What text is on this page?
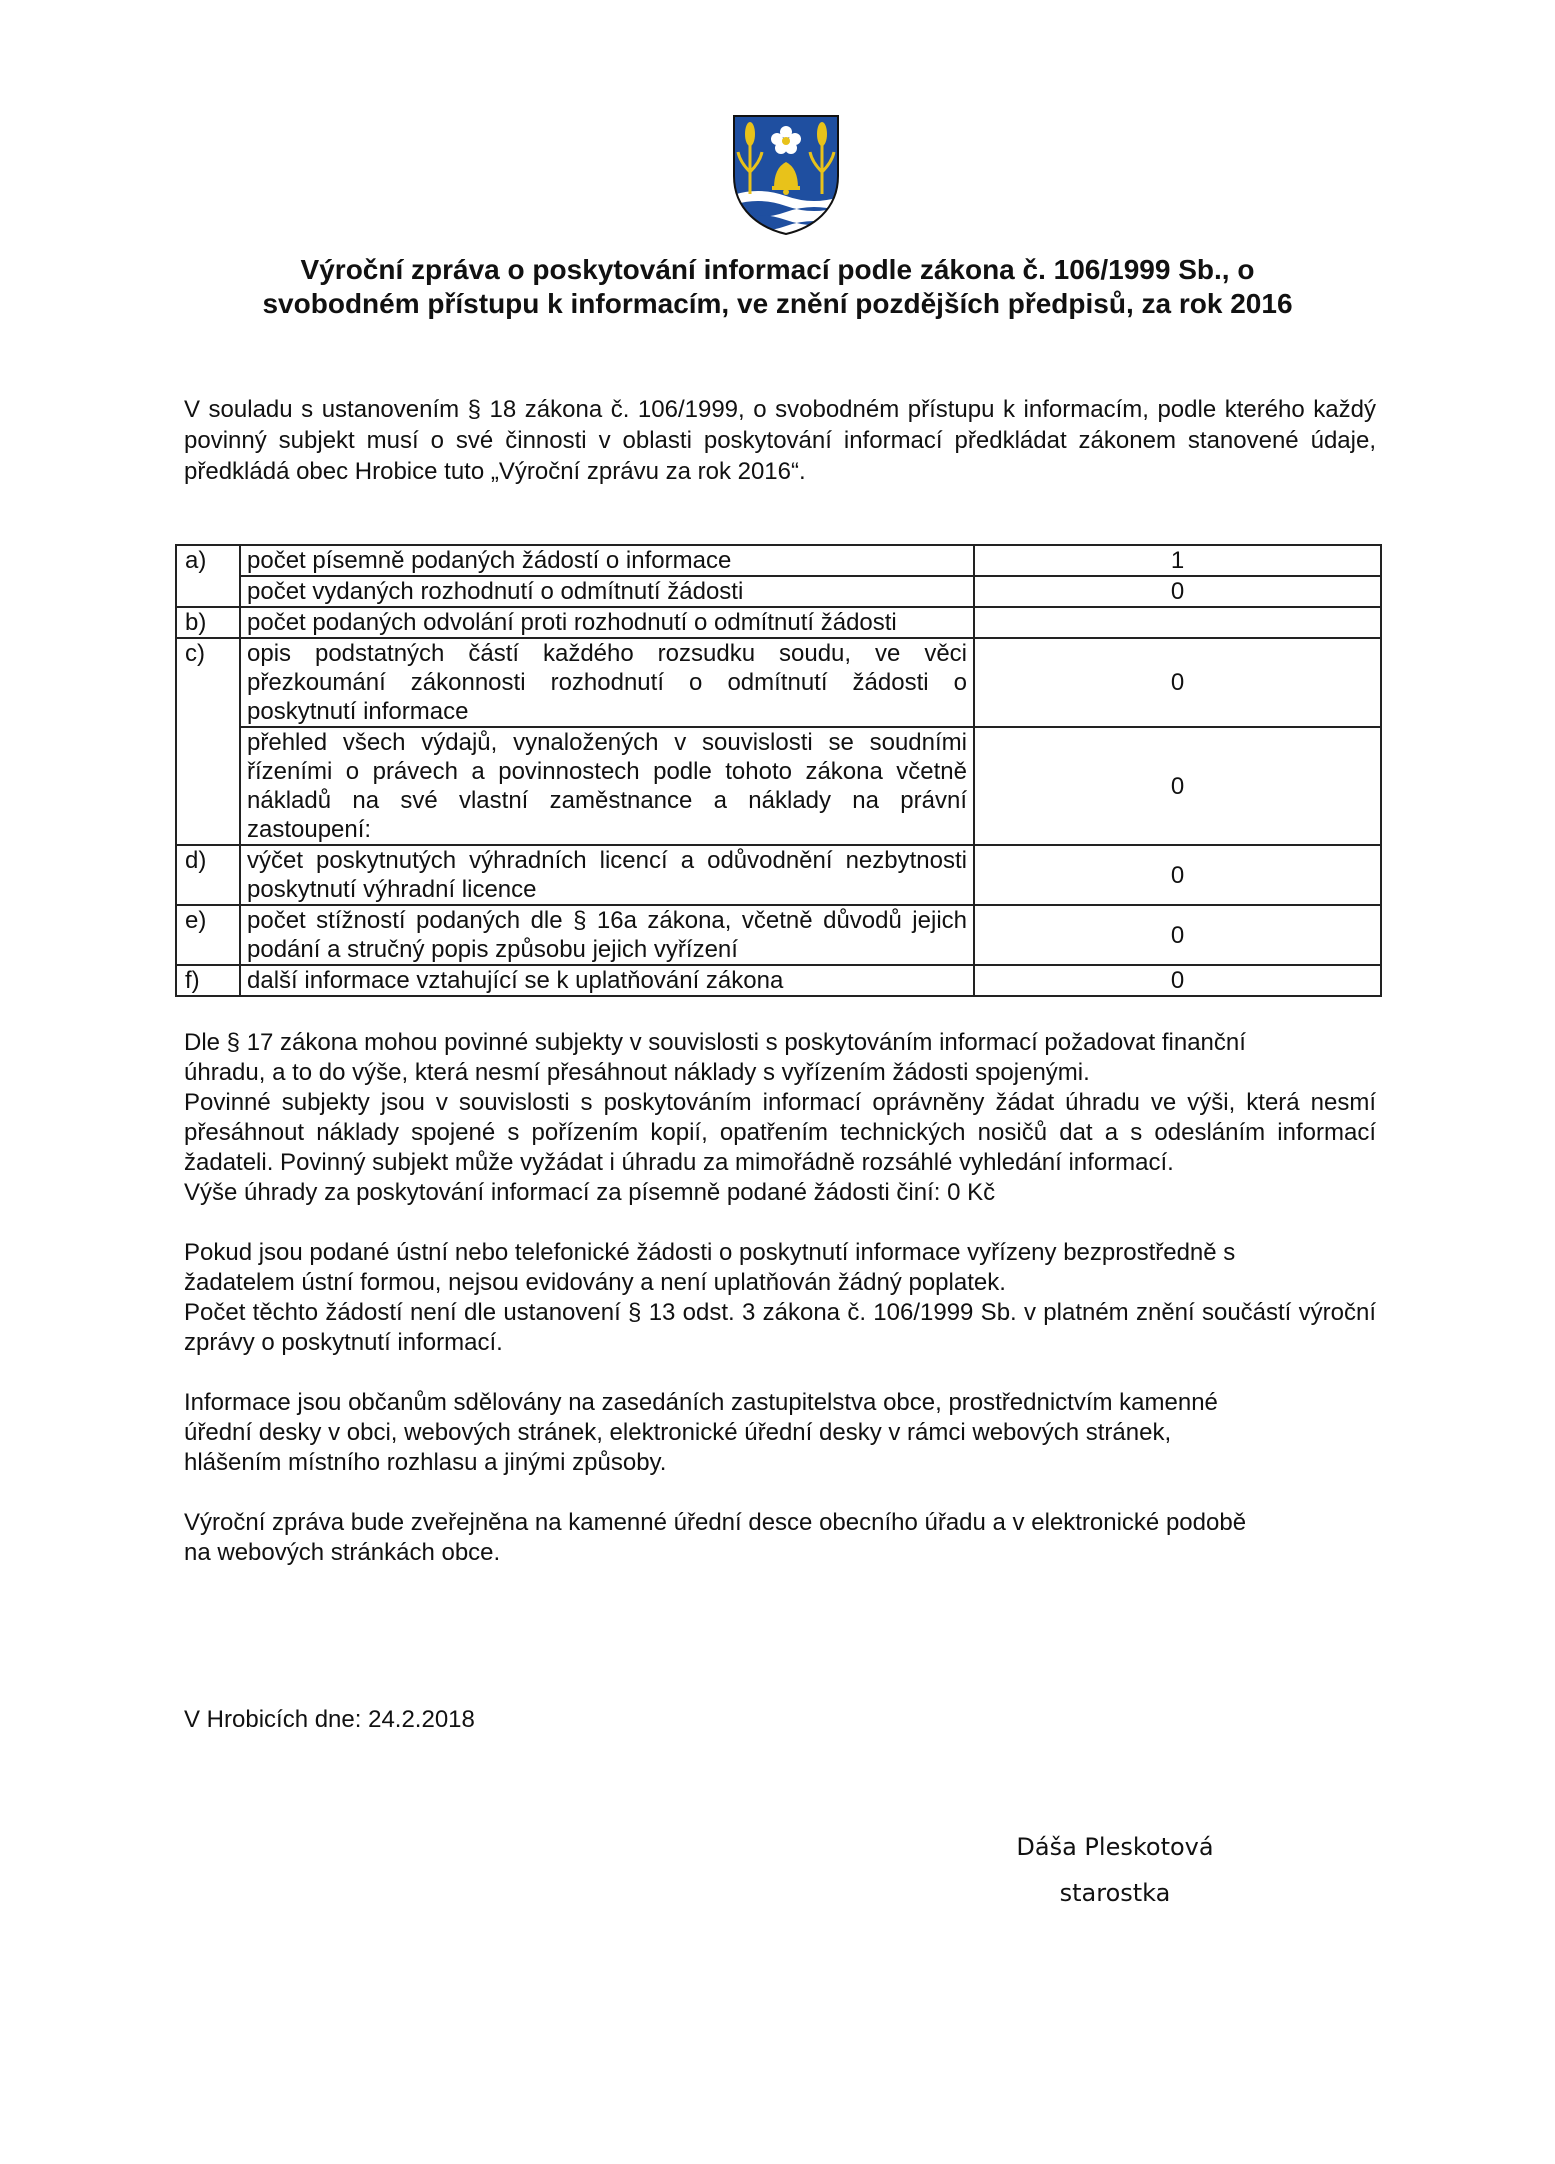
Výroční zpráva o poskytování informací podle zákona č. 106/1999 Sb., o
svobodném přístupu k informacím, ve znění pozdějších předpisů, za rok 2016
V souladu s ustanovením § 18 zákona č. 106/1999, o svobodném přístupu k informacím, podle kterého každý povinný subjekt musí o své činnosti v oblasti poskytování informací předkládat zákonem stanovené údaje, předkládá obec Hrobice tuto „Výroční zprávu za rok 2016“.
a)	počet písemně podaných žádostí o informace	1
	počet vydaných rozhodnutí o odmítnutí žádosti	0
b)	počet podaných odvolání proti rozhodnutí o odmítnutí žádosti	
c)	opis podstatných částí každého rozsudku soudu, ve věci přezkoumání zákonnosti rozhodnutí o odmítnutí žádosti o poskytnutí informace	0
	přehled všech výdajů, vynaložených v souvislosti se soudními řízeními o právech a povinnostech podle tohoto zákona včetně nákladů na své vlastní zaměstnance a náklady na právní zastoupení:	0
d)	výčet poskytnutých výhradních licencí a odůvodnění nezbytnosti poskytnutí výhradní licence	0
e)	počet stížností podaných dle § 16a zákona, včetně důvodů jejich podání a stručný popis způsobu jejich vyřízení	0
f)	další informace vztahující se k uplatňování zákona	0

Dle § 17 zákona mohou povinné subjekty v souvislosti s poskytováním informací požadovat finanční
úhradu, a to do výše, která nesmí přesáhnout náklady s vyřízením žádosti spojenými.
Povinné subjekty jsou v souvislosti s poskytováním informací oprávněny žádat úhradu ve výši, která nesmí přesáhnout náklady spojené s pořízením kopií, opatřením technických nosičů dat a s odesláním informací žadateli. Povinný subjekt může vyžádat i úhradu za mimořádně rozsáhlé vyhledání informací.
Výše úhrady za poskytování informací za písemně podané žádosti činí: 0 Kč

Pokud jsou podané ústní nebo telefonické žádosti o poskytnutí informace vyřízeny bezprostředně s
žadatelem ústní formou, nejsou evidovány a není uplatňován žádný poplatek.
Počet těchto žádostí není dle ustanovení § 13 odst. 3 zákona č. 106/1999 Sb. v platném znění součástí výroční zprávy o poskytnutí informací.

Informace jsou občanům sdělovány na zasedáních zastupitelstva obce, prostřednictvím kamenné
úřední desky v obci, webových stránek, elektronické úřední desky v rámci webových stránek,
hlášením místního rozhlasu a jinými způsoby.

Výroční zpráva bude zveřejněna na kamenné úřední desce obecního úřadu a v elektronické podobě
na webových stránkách obce.

V Hrobicích dne: 24.2.2018
Dáša Pleskotová
starostka
